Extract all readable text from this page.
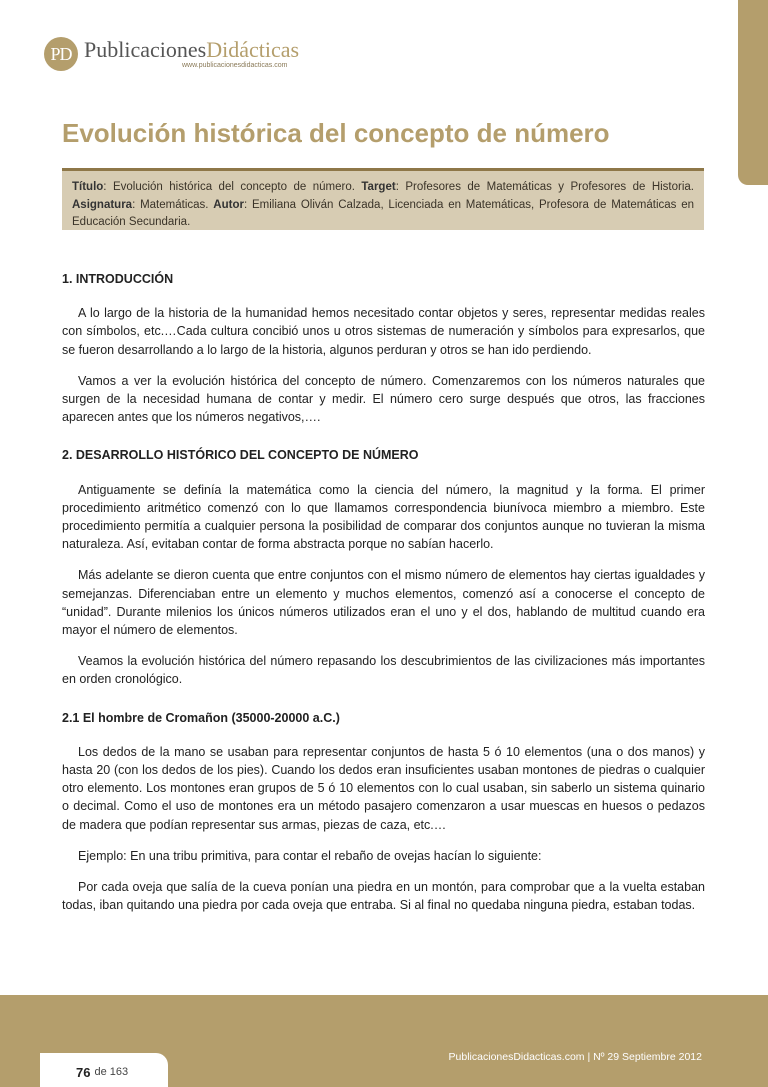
PD PublicacionesDidácticas
www.publicacionesdidacticas.com
Evolución histórica del concepto de número
Título: Evolución histórica del concepto de número. Target: Profesores de Matemáticas y Profesores de Historia. Asignatura: Matemáticas. Autor: Emiliana Oliván Calzada, Licenciada en Matemáticas, Profesora de Matemáticas en Educación Secundaria.
1. INTRODUCCIÓN

A lo largo de la historia de la humanidad hemos necesitado contar objetos y seres, representar medidas reales con símbolos, etc.…Cada cultura concibió unos u otros sistemas de numeración y símbolos para expresarlos, que se fueron desarrollando a lo largo de la historia, algunos perduran y otros se han ido perdiendo.

Vamos a ver la evolución histórica del concepto de número. Comenzaremos con los números naturales que surgen de la necesidad humana de contar y medir. El número cero surge después que otros, las fracciones aparecen antes que los números negativos,….

2. DESARROLLO HISTÓRICO DEL CONCEPTO DE NÚMERO

Antiguamente se definía la matemática como la ciencia del número, la magnitud y la forma. El primer procedimiento aritmético comenzó con lo que llamamos correspondencia biunívoca miembro a miembro. Este procedimiento permitía a cualquier persona la posibilidad de comparar dos conjuntos aunque no tuvieran la misma naturaleza. Así, evitaban contar de forma abstracta porque no sabían hacerlo.

Más adelante se dieron cuenta que entre conjuntos con el mismo número de elementos hay ciertas igualdades y semejanzas. Diferenciaban entre un elemento y muchos elementos, comenzó así a conocerse el concepto de “unidad”. Durante milenios los únicos números utilizados eran el uno y el dos, hablando de multitud cuando era mayor el número de elementos.

Veamos la evolución histórica del número repasando los descubrimientos de las civilizaciones más importantes en orden cronológico.

2.1 El hombre de Cromañon (35000-20000 a.C.)

Los dedos de la mano se usaban para representar conjuntos de hasta 5 ó 10 elementos (una o dos manos) y hasta 20 (con los dedos de los pies). Cuando los dedos eran insuficientes usaban montones de piedras o cualquier otro elemento. Los montones eran grupos de 5 ó 10 elementos con lo cual usaban, sin saberlo un sistema quinario o decimal. Como el uso de montones era un método pasajero comenzaron a usar muescas en huesos o pedazos de madera que podían representar sus armas, piezas de caza, etc.…

Ejemplo: En una tribu primitiva, para contar el rebaño de ovejas hacían lo siguiente:

Por cada oveja que salía de la cueva ponían una piedra en un montón, para comprobar que a la vuelta estaban todas, iban quitando una piedra por cada oveja que entraba. Si al final no quedaba ninguna piedra, estaban todas.

PublicacionesDidacticas.com | Nº 29 Septiembre 2012
76 de 163
